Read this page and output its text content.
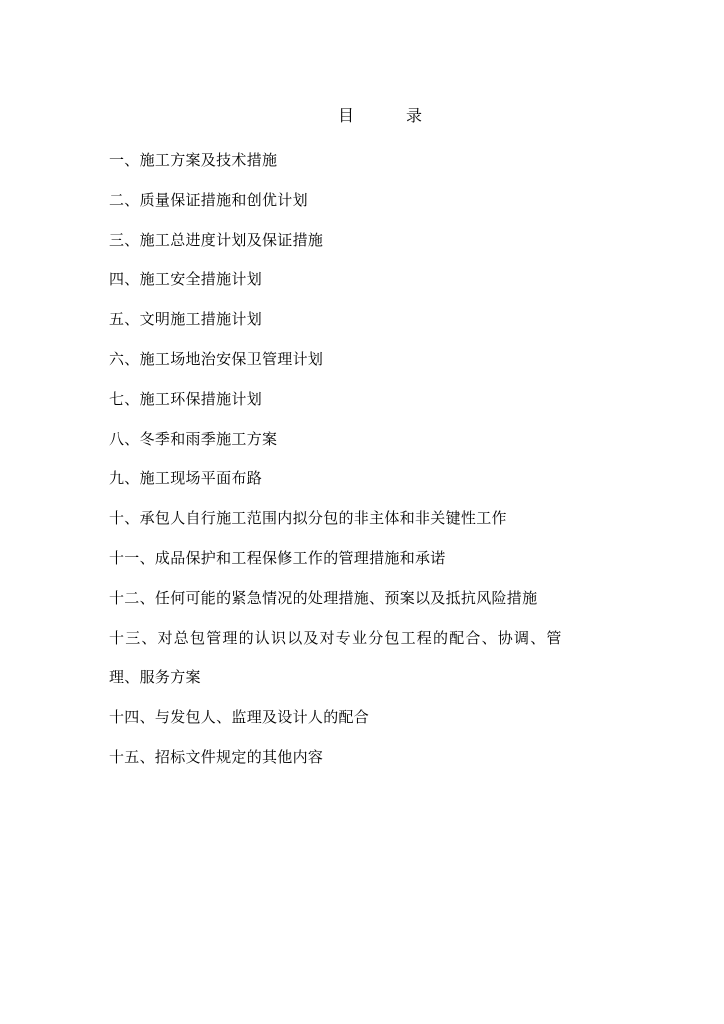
目	录
一、施工方案及技术措施
二、质量保证措施和创优计划
三、施工总进度计划及保证措施
四、施工安全措施计划
五、文明施工措施计划
六、施工场地治安保卫管理计划
七、施工环保措施计划
八、冬季和雨季施工方案
九、施工现场平面布路
十、承包人自行施工范围内拟分包的非主体和非关键性工作
十一、成品保护和工程保修工作的管理措施和承诺
十二、任何可能的紧急情况的处理措施、预案以及抵抗风险措施
十三、对总包管理的认识以及对专业分包工程的配合、协调、管
理、服务方案
十四、与发包人、监理及设计人的配合
十五、招标文件规定的其他内容
